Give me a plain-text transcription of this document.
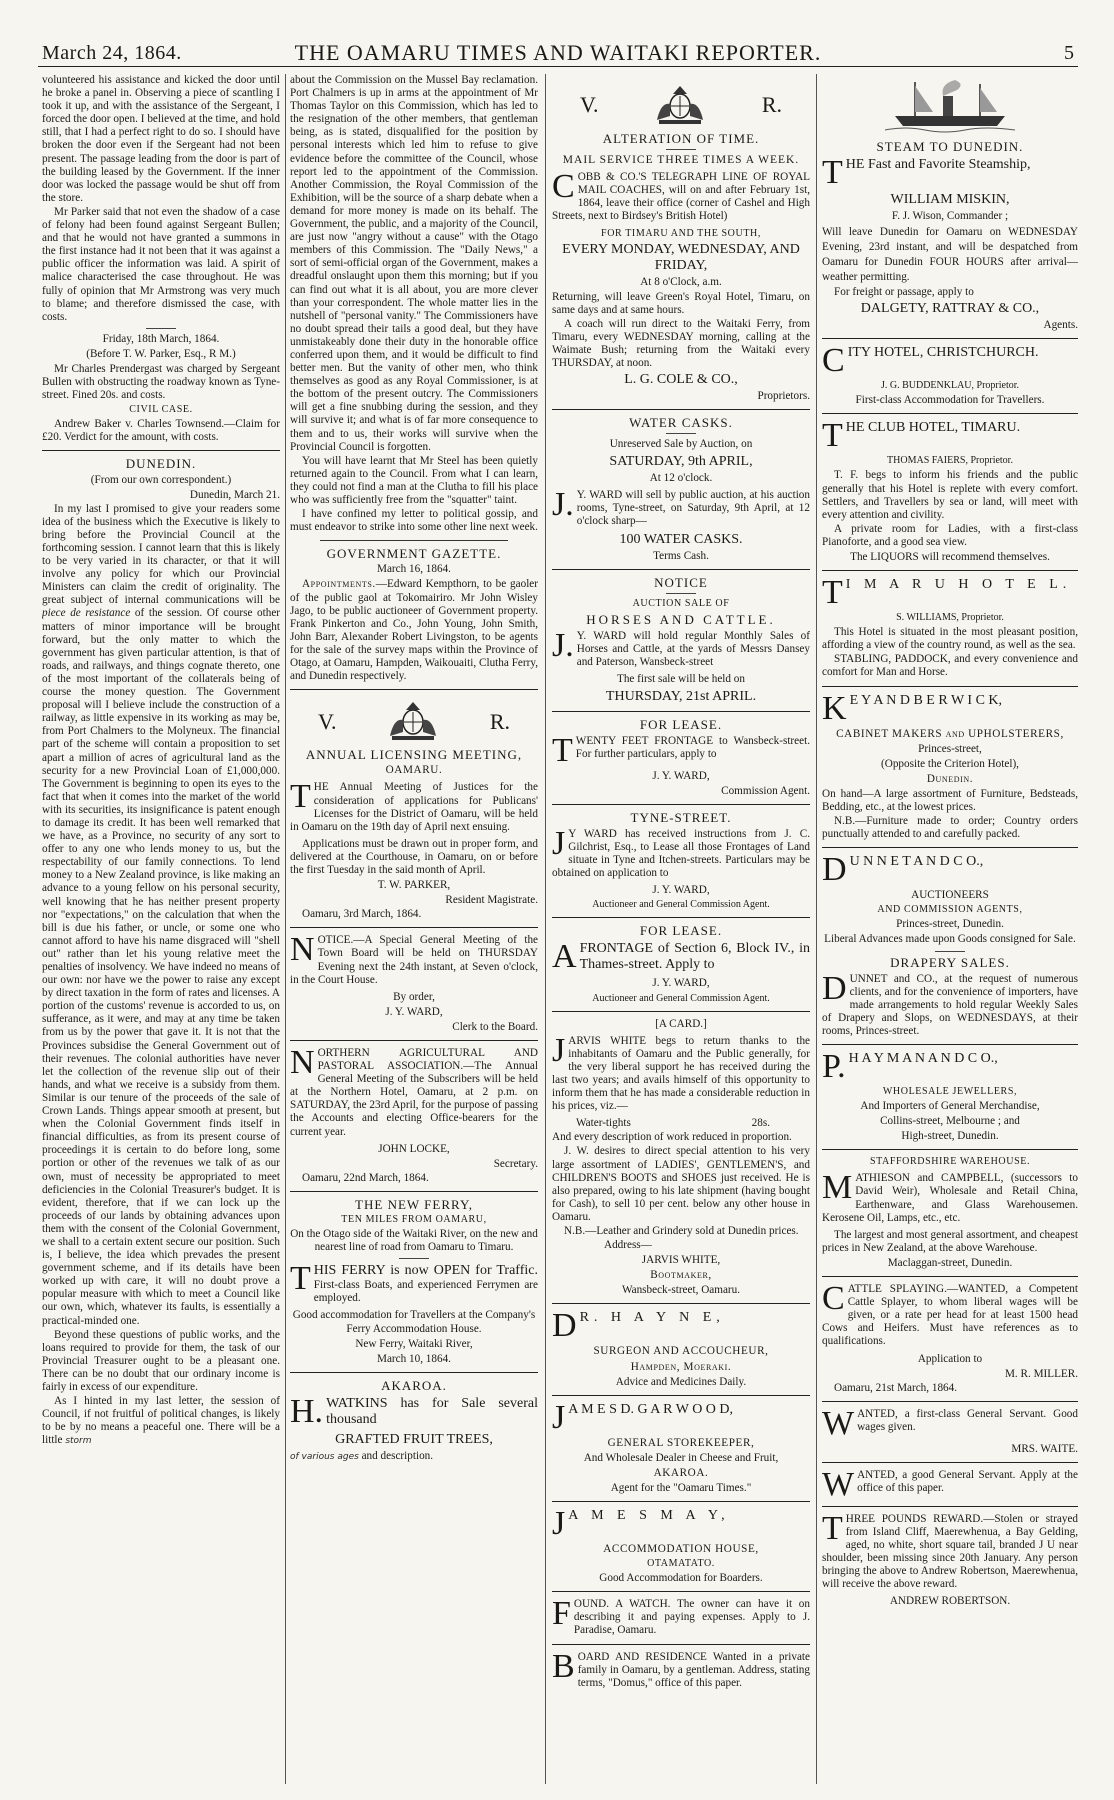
March 24, 1864.	THE OAMARU TIMES AND WAITAKI REPORTER.	5

volunteered his assistance and kicked the door until he broke a panel in. Observing a piece of scantling I took it up, and with the assistance of the Sergeant, I forced the door open. I believed at the time, and hold still, that I had a perfect right to do so. I should have broken the door even if the Sergeant had not been present. The passage leading from the door is part of the building leased by the Government. If the inner door was locked the passage would be shut off from the store.

Mr Parker said that not even the shadow of a case of felony had been found against Sergeant Bullen; and that he would not have granted a summons in the first instance had it not been that it was against a public officer the information was laid. A spirit of malice characterised the case throughout. He was fully of opinion that Mr Armstrong was very much to blame; and therefore dismissed the case, with costs.

Friday, 18th March, 1864.

(Before T. W. Parker, Esq., R M.)

Mr Charles Prendergast was charged by Sergeant Bullen with obstructing the roadway known as Tyne-street. Fined 20s. and costs.

CIVIL CASE.

Andrew Baker v. Charles Townsend.—Claim for £20. Verdict for the amount, with costs.

DUNEDIN.

(From our own correspondent.)

Dunedin, March 21.

In my last I promised to give your readers some idea of the business which the Executive is likely to bring before the Provincial Council at the forthcoming session. I cannot learn that this is likely to be very varied in its character, or that it will involve any policy for which our Provincial Ministers can claim the credit of originality. The great subject of internal communications will be piece de resistance of the session. Of course other matters of minor importance will be brought forward, but the only matter to which the government has given particular attention, is that of roads, and railways, and things cognate thereto, one of the most important of the collaterals being of course the money question. The Government proposal will I believe include the construction of a railway, as little expensive in its working as may be, from Port Chalmers to the Molyneux. The financial part of the scheme will contain a proposition to set apart a million of acres of agricultural land as the security for a new Provincial Loan of £1,000,000. The Government is beginning to open its eyes to the fact that when it comes into the market of the world with its securities, its insignificance is patent enough to damage its credit. It has been well remarked that we have, as a Province, no security of any sort to offer to any one who lends money to us, but the respectability of our family connections. To lend money to a New Zealand province, is like making an advance to a young fellow on his personal security, well knowing that he has neither present property nor "expectations," on the calculation that when the bill is due his father, or uncle, or some one who cannot afford to have his name disgraced will "shell out" rather than let his young relative meet the penalties of insolvency. We have indeed no means of our own: nor have we the power to raise any except by direct taxation in the form of rates and licenses. A portion of the customs' revenue is accorded to us, on sufferance, as it were, and may at any time be taken from us by the power that gave it. It is not that the Provinces subsidise the General Government out of their revenues. The colonial authorities have never let the collection of the revenue slip out of their hands, and what we receive is a subsidy from them. Similar is our tenure of the proceeds of the sale of Crown Lands. Things appear smooth at present, but when the Colonial Government finds itself in financial difficulties, as from its present course of proceedings it is certain to do before long, some portion or other of the revenues we talk of as our own, must of necessity be appropriated to meet deficiencies in the Colonial Treasurer's budget. It is evident, therefore, that if we can lock up the proceeds of our lands by obtaining advances upon them with the consent of the Colonial Government, we shall to a certain extent secure our position. Such is, I believe, the idea which prevades the present government scheme, and if its details have been worked up with care, it will no doubt prove a popular measure with which to meet a Council like our own, which, whatever its faults, is essentially a practical-minded one.

Beyond these questions of public works, and the loans required to provide for them, the task of our Provincial Treasurer ought to be a pleasant one. There can be no doubt that our ordinary income is fairly in excess of our expenditure.

As I hinted in my last letter, the session of Council, if not fruitful of political changes, is likely to be by no means a peaceful one. There will be a little storm

about the Commission on the Mussel Bay reclamation. Port Chalmers is up in arms at the appointment of Mr Thomas Taylor on this Commission, which has led to the resignation of the other members, that gentleman being, as is stated, disqualified for the position by personal interests which led him to refuse to give evidence before the committee of the Council, whose report led to the appointment of the Commission. Another Commission, the Royal Commission of the Exhibition, will be the source of a sharp debate when a demand for more money is made on its behalf. The Government, the public, and a majority of the Council, are just now "angry without a cause" with the Otago members of this Commission. The "Daily News," a sort of semi-official organ of the Government, makes a dreadful onslaught upon them this morning; but if you can find out what it is all about, you are more clever than your correspondent. The whole matter lies in the nutshell of "personal vanity." The Commissioners have no doubt spread their tails a good deal, but they have unmistakeably done their duty in the honorable office conferred upon them, and it would be difficult to find better men. But the vanity of other men, who think themselves as good as any Royal Commissioner, is at the bottom of the present outcry. The Commissioners will get a fine snubbing during the session, and they will survive it; and what is of far more consequence to them and to us, their works will survive when the Provincial Council is forgotten.

You will have learnt that Mr Steel has been quietly returned again to the Council. From what I can learn, they could not find a man at the Clutha to fill his place who was sufficiently free from the "squatter" taint.

I have confined my letter to political gossip, and must endeavor to strike into some other line next week.

GOVERNMENT GAZETTE.

March 16, 1864.

Appointments.—Edward Kempthorn, to be gaoler of the public gaol at Tokomairiro. Mr John Wisley Jago, to be public auctioneer of Government property. Frank Pinkerton and Co., John Young, John Smith, John Barr, Alexander Robert Livingston, to be agents for the sale of the survey maps within the Province of Otago, at Oamaru, Hampden, Waikouaiti, Clutha Ferry, and Dunedin respectively.

V.	R.

ANNUAL LICENSING MEETING,

OAMARU.

THE Annual Meeting of Justices for the consideration of applications for Publicans' Licenses for the District of Oamaru, will be held in Oamaru on the 19th day of April next ensuing.

Applications must be drawn out in proper form, and delivered at the Courthouse, in Oamaru, on or before the first Tuesday in the said month of April.

T. W. PARKER,

Resident Magistrate.

Oamaru, 3rd March, 1864.

NOTICE.—A Special General Meeting of the Town Board will be held on THURSDAY Evening next the 24th instant, at Seven o'clock, in the Court House.

By order,

J. Y. WARD,

Clerk to the Board.

NORTHERN AGRICULTURAL AND PASTORAL ASSOCIATION.—The Annual General Meeting of the Subscribers will be held at the Northern Hotel, Oamaru, at 2 p.m. on SATURDAY, the 23rd April, for the purpose of passing the Accounts and electing Office-bearers for the current year.

JOHN LOCKE,

Secretary.

Oamaru, 22nd March, 1864.

THE NEW FERRY,

TEN MILES FROM OAMARU,

On the Otago side of the Waitaki River, on the new and nearest line of road from Oamaru to Timaru.

THIS FERRY is now OPEN for Traffic. First-class Boats, and experienced Ferrymen are employed.

Good accommodation for Travellers at the Company's Ferry Accommodation House.

New Ferry, Waitaki River,

March 10, 1864.

AKAROA.

H. WATKINS has for Sale several thousand

GRAFTED FRUIT TREES,

of various ages and description.

V.	R.

ALTERATION OF TIME.

MAIL SERVICE THREE TIMES A WEEK.

COBB & CO.'S TELEGRAPH LINE OF ROYAL MAIL COACHES, will on and after February 1st, 1864, leave their office (corner of Cashel and High Streets, next to Birdsey's British Hotel)

FOR TIMARU AND THE SOUTH,

EVERY MONDAY, WEDNESDAY, AND FRIDAY,

At 8 o'Clock, a.m.

Returning, will leave Green's Royal Hotel, Timaru, on same days and at same hours.

A coach will run direct to the Waitaki Ferry, from Timaru, every WEDNESDAY morning, calling at the Waimate Bush; returning from the Waitaki every THURSDAY, at noon.

L. G. COLE & CO.,

Proprietors.

WATER CASKS.

Unreserved Sale by Auction, on

SATURDAY, 9th APRIL,

At 12 o'clock.

J. Y. WARD will sell by public auction, at his auction rooms, Tyne-street, on Saturday, 9th April, at 12 o'clock sharp—

100 WATER CASKS.

Terms Cash.

NOTICE

AUCTION SALE OF

HORSES AND CATTLE.

J. Y. WARD will hold regular Monthly Sales of Horses and Cattle, at the yards of Messrs Dansey and Paterson, Wansbeck-street

The first sale will be held on

THURSDAY, 21st APRIL.

FOR LEASE.

TWENTY FEET FRONTAGE to Wansbeck-street. For further particulars, apply to

J. Y. WARD,

Commission Agent.

TYNE-STREET.

J Y WARD has received instructions from J. C. Gilchrist, Esq., to Lease all those Frontages of Land situate in Tyne and Itchen-streets. Particulars may be obtained on application to

J. Y. WARD,

Auctioneer and General Commission Agent.

FOR LEASE.

AFRONTAGE of Section 6, Block IV., in Thames-street. Apply to

J. Y. WARD,

Auctioneer and General Commission Agent.

[A CARD.]

JARVIS WHITE begs to return thanks to the inhabitants of Oamaru and the Public generally, for the very liberal support he has received during the last two years; and avails himself of this opportunity to inform them that he has made a considerable reduction in his prices, viz.—

Water-tights	28s.

And every description of work reduced in proportion.

J. W. desires to direct special attention to his very large assortment of LADIES', GENTLEMEN'S, and CHILDREN'S BOOTS and SHOES just received. He is also prepared, owing to his late shipment (having bought for Cash), to sell 10 per cent. below any other house in Oamaru.

N.B.—Leather and Grindery sold at Dunedin prices.

Address—

JARVIS WHITE,

Bootmaker,

Wansbeck-street, Oamaru.

D R. H A Y N E,

SURGEON AND ACCOUCHEUR,

Hampden, Moeraki.

Advice and Medicines Daily.

J A M E S D. G A R W O O D,

GENERAL STOREKEEPER,

And Wholesale Dealer in Cheese and Fruit,

AKAROA.

Agent for the "Oamaru Times."

J A M E S M A Y,

ACCOMMODATION HOUSE,

OTAMATATO.

Good Accommodation for Boarders.

FOUND. A WATCH. The owner can have it on describing it and paying expenses. Apply to J. Paradise, Oamaru.
BOARD AND RESIDENCE Wanted in a private family in Oamaru, by a gentleman. Address, stating terms, "Domus," office of this paper.

STEAM TO DUNEDIN.

THE Fast and Favorite Steamship,

WILLIAM MISKIN,

F. J. Wison, Commander ;

Will leave Dunedin for Oamaru on WEDNESDAY Evening, 23rd instant, and will be despatched from Oamaru for Dunedin FOUR HOURS after arrival—weather permitting.

For freight or passage, apply to

DALGETY, RATTRAY & CO.,

Agents.

CITY HOTEL, CHRISTCHURCH.

J. G. BUDDENKLAU, Proprietor.

First-class Accommodation for Travellers.

THE CLUB HOTEL, TIMARU.

THOMAS FAIERS, Proprietor.

T. F. begs to inform his friends and the public generally that his Hotel is replete with every comfort. Settlers, and Travellers by sea or land, will meet with every attention and civility.

A private room for Ladies, with a first-class Pianoforte, and a good sea view.

The LIQUORS will recommend themselves.

T I M A R U H O T E L.

S. WILLIAMS, Proprietor.

This Hotel is situated in the most pleasant position, affording a view of the country round, as well as the sea.

STABLING, PADDOCK, and every convenience and comfort for Man and Horse.

K E Y A N D B E R W I C K,

CABINET MAKERS and UPHOLSTERERS,

Princes-street,

(Opposite the Criterion Hotel),

Dunedin.

On hand—A large assortment of Furniture, Bedsteads, Bedding, etc., at the lowest prices.

N.B.—Furniture made to order; Country orders punctually attended to and carefully packed.

D U N N E T A N D C O.,

AUCTIONEERS

AND COMMISSION AGENTS,

Princes-street, Dunedin.

Liberal Advances made upon Goods consigned for Sale.

DRAPERY SALES.

DUNNET and CO., at the request of numerous clients, and for the convenience of importers, have made arrangements to hold regular Weekly Sales of Drapery and Slops, on WEDNESDAYS, at their rooms, Princes-street.
P. H A Y M A N A N D C O.,

WHOLESALE JEWELLERS,

And Importers of General Merchandise,

Collins-street, Melbourne ; and

High-street, Dunedin.

STAFFORDSHIRE WAREHOUSE.

MATHIESON and CAMPBELL, (successors to David Weir), Wholesale and Retail China, Earthenware, and Glass Warehousemen. Kerosene Oil, Lamps, etc., etc.

The largest and most general assortment, and cheapest prices in New Zealand, at the above Warehouse.

Maclaggan-street, Dunedin.

CATTLE SPLAYING.—WANTED, a Competent Cattle Splayer, to whom liberal wages will be given, or a rate per head for at least 1500 head Cows and Heifers. Must have references as to qualifications.

Application to

M. R. MILLER.

Oamaru, 21st March, 1864.

WANTED, a first-class General Servant. Good wages given.

MRS. WAITE.

WANTED, a good General Servant. Apply at the office of this paper.
THREE POUNDS REWARD.—Stolen or strayed from Island Cliff, Maerewhenua, a Bay Gelding, aged, no white, short square tail, branded J U near shoulder, been missing since 20th January. Any person bringing the above to Andrew Robertson, Maerewhenua, will receive the above reward.

ANDREW ROBERTSON.
